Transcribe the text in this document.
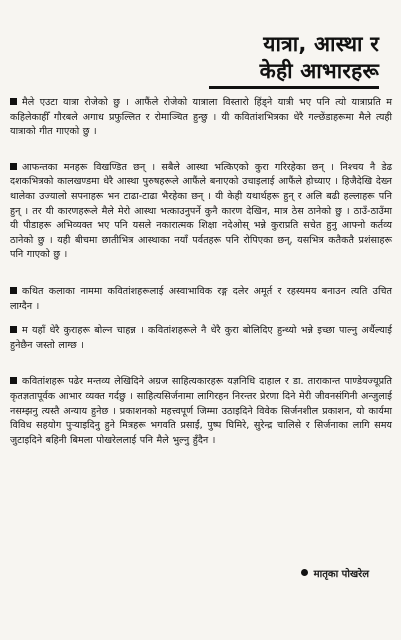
यात्रा, आस्था र
केही आभारहरू

मैले एउटा यात्रा रोजेको छु । आफैंले रोजेको यात्राला विस्तारो हिंड्ने यात्री भए पनि त्यो यात्राप्रति म कहिलेकाहीँ गौरबले अगाध प्रफुल्लित र रोमाञ्चित हुन्छु । यी कवितांशभित्रका धेरै गल्छेंडाहरूमा मैले त्यही यात्राको गीत गाएको छु ।

आफन्तका मनहरू विखण्डित छन् । सबैले आस्था भत्किएको कुरा गरिरहेका छन् । निश्चय नै डेढ दशकभित्रको कालखण्डमा धेरै आस्था पुरुषहरूले आफैंले बनाएको उचाइलाई आफैंले होच्याए । हिजैदेखि देख्न थालेका उज्यालो सपनाहरू भन टाढा-टाढा भैरहेका छन् । यी केही यथार्थहरू हुन् र अलि बढी हल्लाहरू पनि हुन् । तर यी कारणहरूले मैले मेरो आस्था भत्काउनुपर्ने कुनै कारण देखिन, मात्र ठेस ठानेको छु । ठाउँ-ठाउँमा यी पीडाहरू अभिव्यक्त भए पनि यसले नकारात्मक शिक्षा नदेओस् भन्ने कुराप्रति सचेत हुनु आफ्नो कर्तव्य ठानेको छु । यही बीचमा छातीभित्र आस्थाका नयाँ पर्वतहरू पनि रोपिएका छन्, यसभित्र कतैकतै प्रशंसाहरू पनि गाएको छु ।

कथित कलाका नाममा कवितांशहरूलाई अस्वाभाविक रङ्ग दलेर अमूर्त र रहस्यमय बनाउन त्यति उचित लाग्दैन ।

म यहाँ धेरै कुराहरू बोल्न चाहन्न । कवितांशहरूले नै धेरै कुरा बोलिदिए हुन्थ्यो भन्ने इच्छा पाल्नु अर्थैल्याई हुनेछैन जस्तो लाग्छ ।

कवितांशहरू पढेर मन्तव्य लेखिदिने अग्रज साहित्यकारहरू यज्ञनिधि दाहाल र डा. ताराकान्त पाण्डेयज्यूप्रति कृतज्ञतापूर्वक आभार व्यक्त गर्दछु । साहित्यसिर्जनामा लागिरहन निरन्तर प्रेरणा दिने मेरी जीवनसंगिनी अन्जुलाई नसम्झनु त्यस्तै अन्याय हुनेछ । प्रकाशनको महत्त्वपूर्ण जिम्मा उठाइदिने विवेक सिर्जनशील प्रकाशन, यो कार्यमा विविध सहयोग पुऱ्याइदिनु हुने मित्रहरू भगवति प्रसाईं, पुष्प घिमिरे, सुरेन्द्र चालिसे र सिर्जनाका लागि समय जुटाइदिने बहिनी बिमला पोखरेललाई पनि मैले भुल्नु हुँदैन ।

मातृका पोखरेल
